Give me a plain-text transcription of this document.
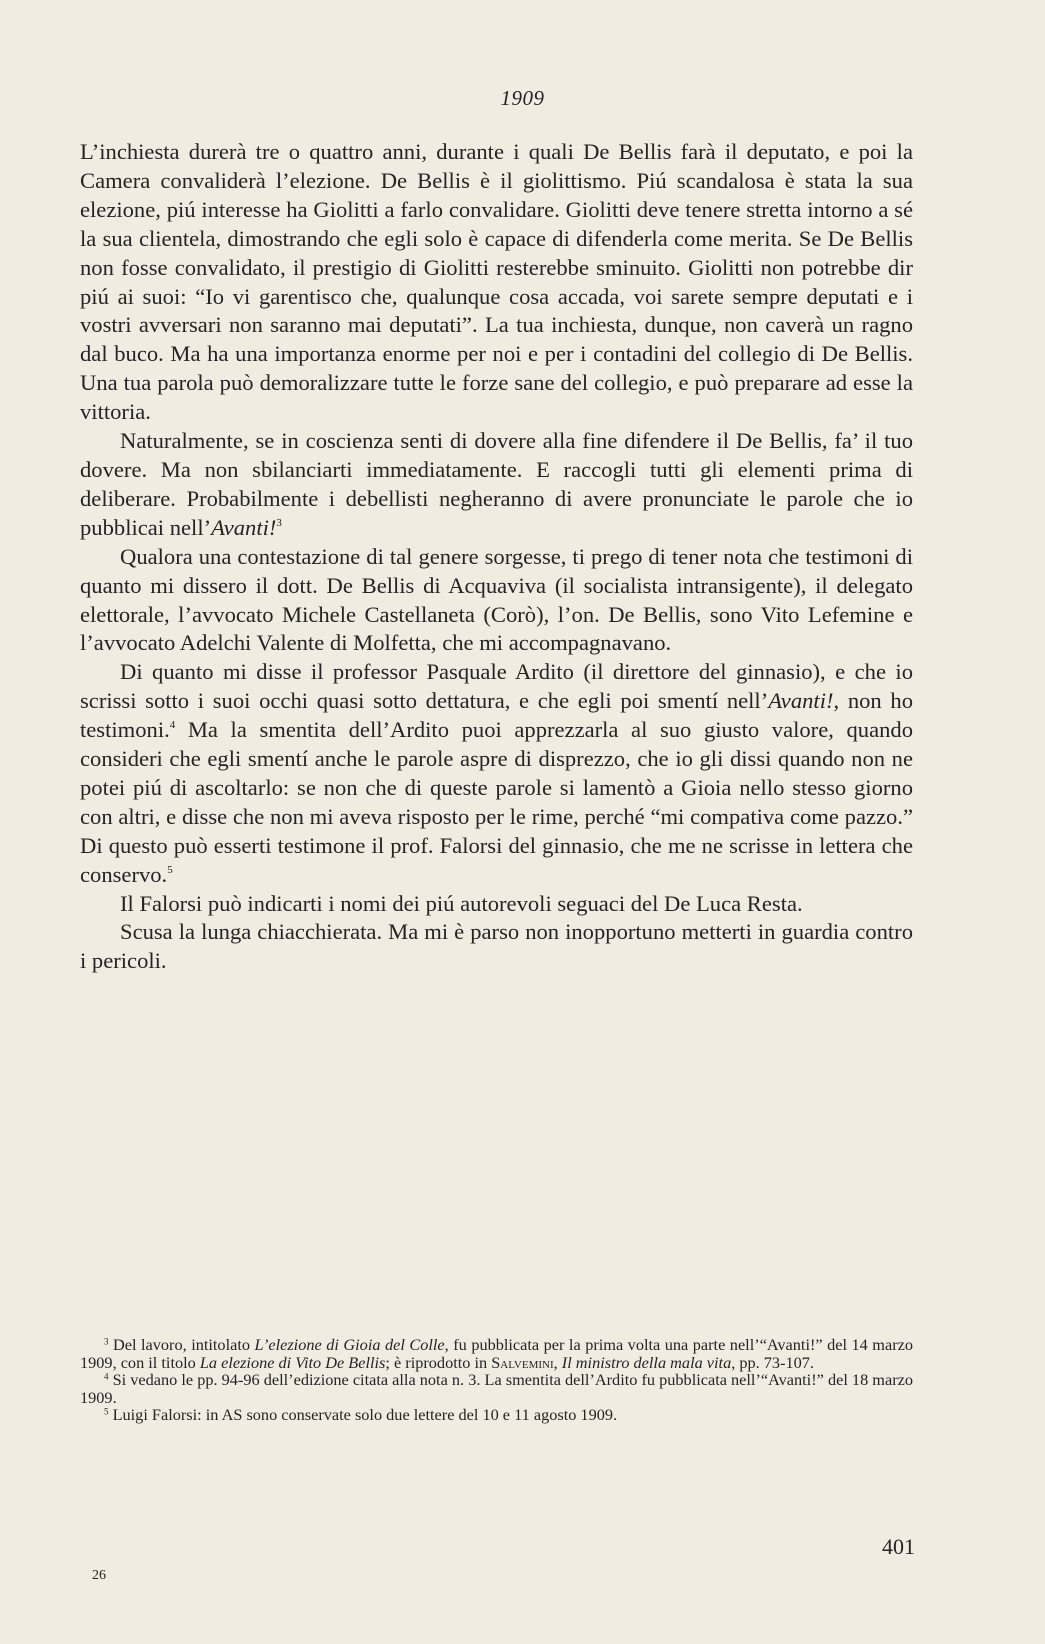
1909

L’inchiesta durerà tre o quattro anni, durante i quali De Bellis farà il deputato, e poi la Camera convaliderà l’elezione. De Bellis è il giolittismo. Piú scandalosa è stata la sua elezione, piú interesse ha Giolitti a farlo convalidare. Giolitti deve tenere stretta intorno a sé la sua clientela, dimostrando che egli solo è capace di difenderla come merita. Se De Bellis non fosse convalidato, il prestigio di Giolitti resterebbe sminuito. Giolitti non potrebbe dir piú ai suoi: “Io vi garentisco che, qualunque cosa accada, voi sarete sempre deputati e i vostri avversari non saranno mai deputati”. La tua inchiesta, dunque, non caverà un ragno dal buco. Ma ha una importanza enorme per noi e per i contadini del collegio di De Bellis. Una tua parola può demoralizzare tutte le forze sane del collegio, e può preparare ad esse la vittoria.

Naturalmente, se in coscienza senti di dovere alla fine difendere il De Bellis, fa’ il tuo dovere. Ma non sbilanciarti immediatamente. E raccogli tutti gli elementi prima di deliberare. Probabilmente i debellisti negheranno di avere pronunciate le parole che io pubblicai nell’Avanti!$^3$

Qualora una contestazione di tal genere sorgesse, ti prego di tener nota che testimoni di quanto mi dissero il dott. De Bellis di Acquaviva (il socialista intransigente), il delegato elettorale, l’avvocato Michele Castellaneta (Corò), l’on. De Bellis, sono Vito Lefemine e l’avvocato Adelchi Valente di Molfetta, che mi accompagnavano.

Di quanto mi disse il professor Pasquale Ardito (il direttore del ginnasio), e che io scrissi sotto i suoi occhi quasi sotto dettatura, e che egli poi smentí nell’Avanti!, non ho testimoni.$^4$ Ma la smentita dell’Ardito puoi apprezzarla al suo giusto valore, quando consideri che egli smentí anche le parole aspre di disprezzo, che io gli dissi quando non ne potei piú di ascoltarlo: se non che di queste parole si lamentò a Gioia nello stesso giorno con altri, e disse che non mi aveva risposto per le rime, perché “mi compativa come pazzo.” Di questo può esserti testimone il prof. Falorsi del ginnasio, che me ne scrisse in lettera che conservo.$^5$

Il Falorsi può indicarti i nomi dei piú autorevoli seguaci del De Luca Resta.

Scusa la lunga chiacchierata. Ma mi è parso non inopportuno metterti in guardia contro i pericoli.

$^3$ Del lavoro, intitolato L’elezione di Gioia del Colle, fu pubblicata per la prima volta una parte nell’“Avanti!” del 14 marzo 1909, con il titolo La elezione di Vito De Bellis; è riprodotto in Salvemini, Il ministro della mala vita, pp. 73-107.

$^4$ Si vedano le pp. 94-96 dell’edizione citata alla nota n. 3. La smentita dell’Ardito fu pubblicata nell’“Avanti!” del 18 marzo 1909.

$^5$ Luigi Falorsi: in AS sono conservate solo due lettere del 10 e 11 agosto 1909.

401
26
